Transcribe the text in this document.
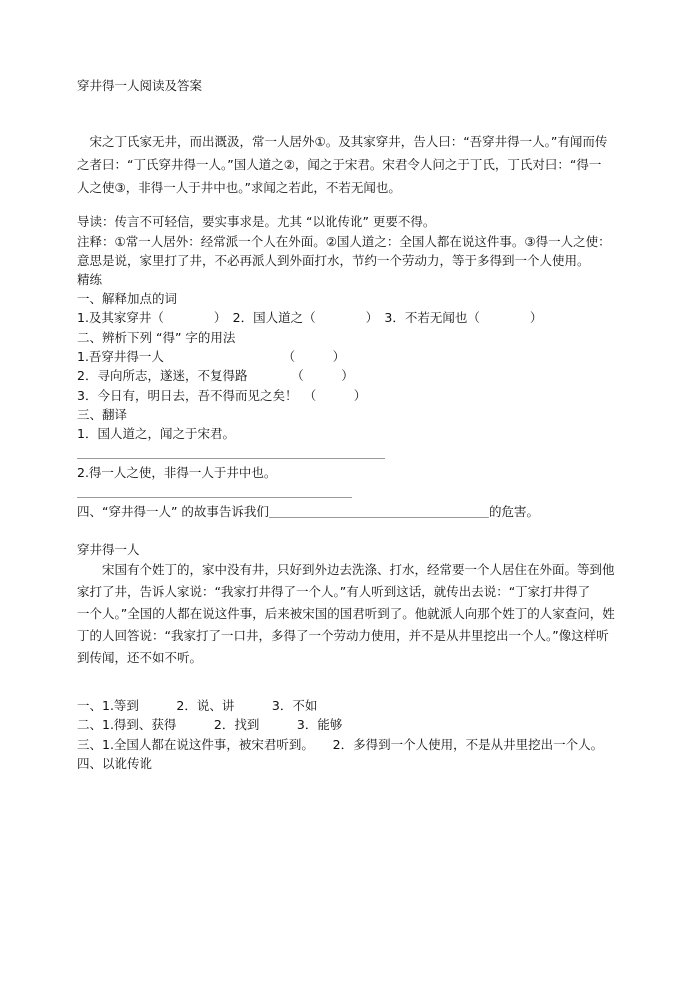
穿井得一人阅读及答案
　宋之丁氏家无井，而出溉汲，常一人居外①。及其家穿井，告人曰：“吾穿井得一人。”有闻而传
之者曰：“丁氏穿井得一人。”国人道之②，闻之于宋君。宋君令人问之于丁氏，丁氏对曰：“得一
人之使③，非得一人于井中也。”求闻之若此，不若无闻也。
导读：传言不可轻信，要实事求是。尤其 “以讹传讹” 更要不得。
注释：①常一人居外：经常派一个人在外面。②国人道之：全国人都在说这件事。③得一人之使：
意思是说，家里打了井，不必再派人到外面打水，节约一个劳动力，等于多得到一个人使用。
精练
一、解释加点的词
1.及其家穿井（　　　　）　2．国人道之（　　　　）　3．不若无闻也（　　　　）
二、辨析下列 “得” 字的用法
1.吾穿井得一人　　　　　　　　　　（　　　）
2．寻向所志，遂迷，不复得路　　　　（　　　）
3．今日有，明日去，吾不得而见之矣！　（　　　）
三、翻译
1．国人道之，闻之于宋君。
＿＿＿＿＿＿＿＿＿＿＿＿＿＿＿＿＿＿＿＿＿＿＿＿＿＿＿＿
2.得一人之使，非得一人于井中也。
＿＿＿＿＿＿＿＿＿＿＿＿＿＿＿＿＿＿＿＿＿＿＿＿＿
四、“穿井得一人” 的故事告诉我们＿＿＿＿＿＿＿＿＿＿＿＿＿＿＿＿＿＿＿＿的危害。
穿井得一人
　　宋国有个姓丁的，家中没有井，只好到外边去洗涤、打水，经常要一个人居住在外面。等到他
家打了井，告诉人家说：“我家打井得了一个人。”有人听到这话，就传出去说：“丁家打井得了
一个人。”全国的人都在说这件事，后来被宋国的国君听到了。他就派人向那个姓丁的人家查问，姓
丁的人回答说：“我家打了一口井，多得了一个劳动力使用，并不是从井里挖出一个人。”像这样听
到传闻，还不如不听。
一、1.等到　　　2．说、讲　　　3．不如
二、1.得到、获得　　　2．找到　　　3．能够
三、1.全国人都在说这件事，被宋君听到。　　2．多得到一个人使用，不是从井里挖出一个人。
四、以讹传讹
